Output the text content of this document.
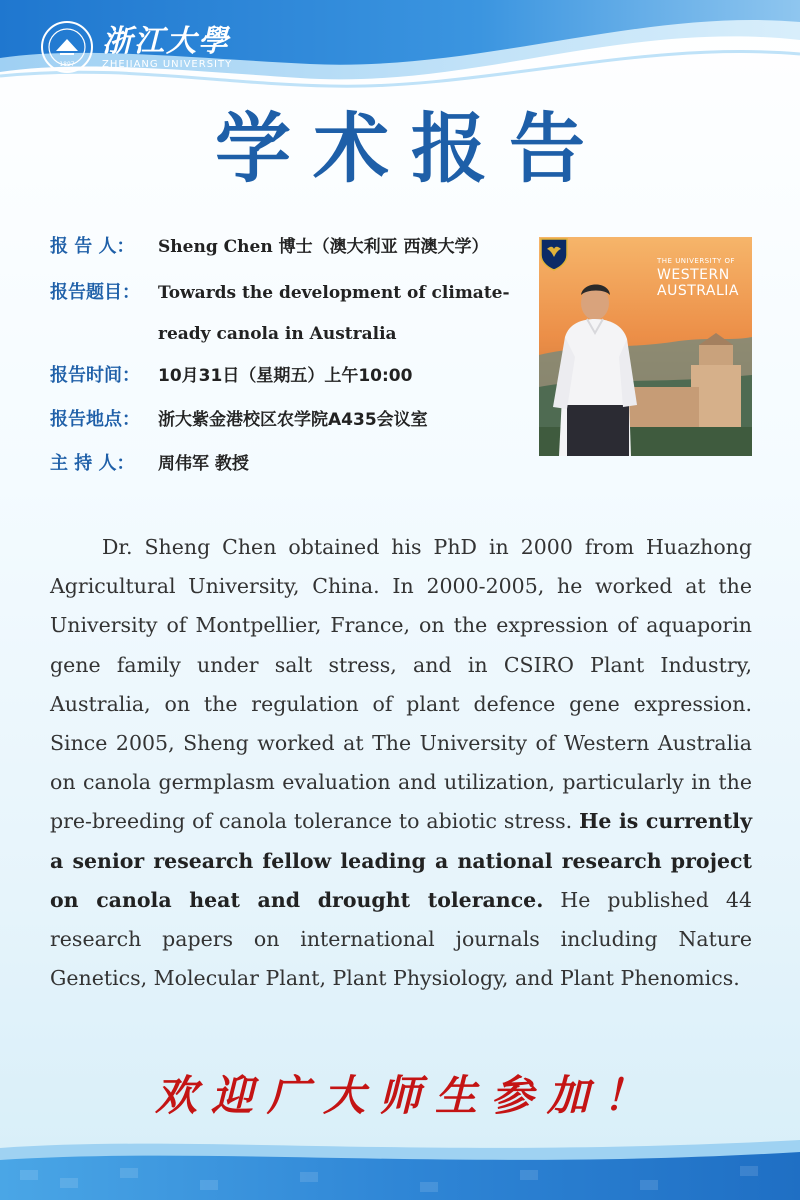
1897
浙江大學
ZHEJIANG UNIVERSITY
学术报告
报 告 人：	Sheng Chen 博士（澳大利亚 西澳大学）
报告题目：	Towards the development of climate-ready canola in Australia
报告时间：	10月31日（星期五）上午10:00
报告地点：	浙大紫金港校区农学院A435会议室
主 持 人：	周伟军 教授
THE UNIVERSITY OF
WESTERN
AUSTRALIA
Dr. Sheng Chen obtained his PhD in 2000 from Huazhong Agricultural University, China. In 2000-2005, he worked at the University of Montpellier, France, on the expression of aquaporin gene family under salt stress, and in CSIRO Plant Industry, Australia, on the regulation of plant defence gene expression. Since 2005, Sheng worked at The University of Western Australia on canola germplasm evaluation and utilization, particularly in the pre-breeding of canola tolerance to abiotic stress. He is currently a senior research fellow leading a national research project on canola heat and drought tolerance. He published 44 research papers on international journals including Nature Genetics, Molecular Plant, Plant Physiology, and Plant Phenomics.
欢迎广大师生参加！
